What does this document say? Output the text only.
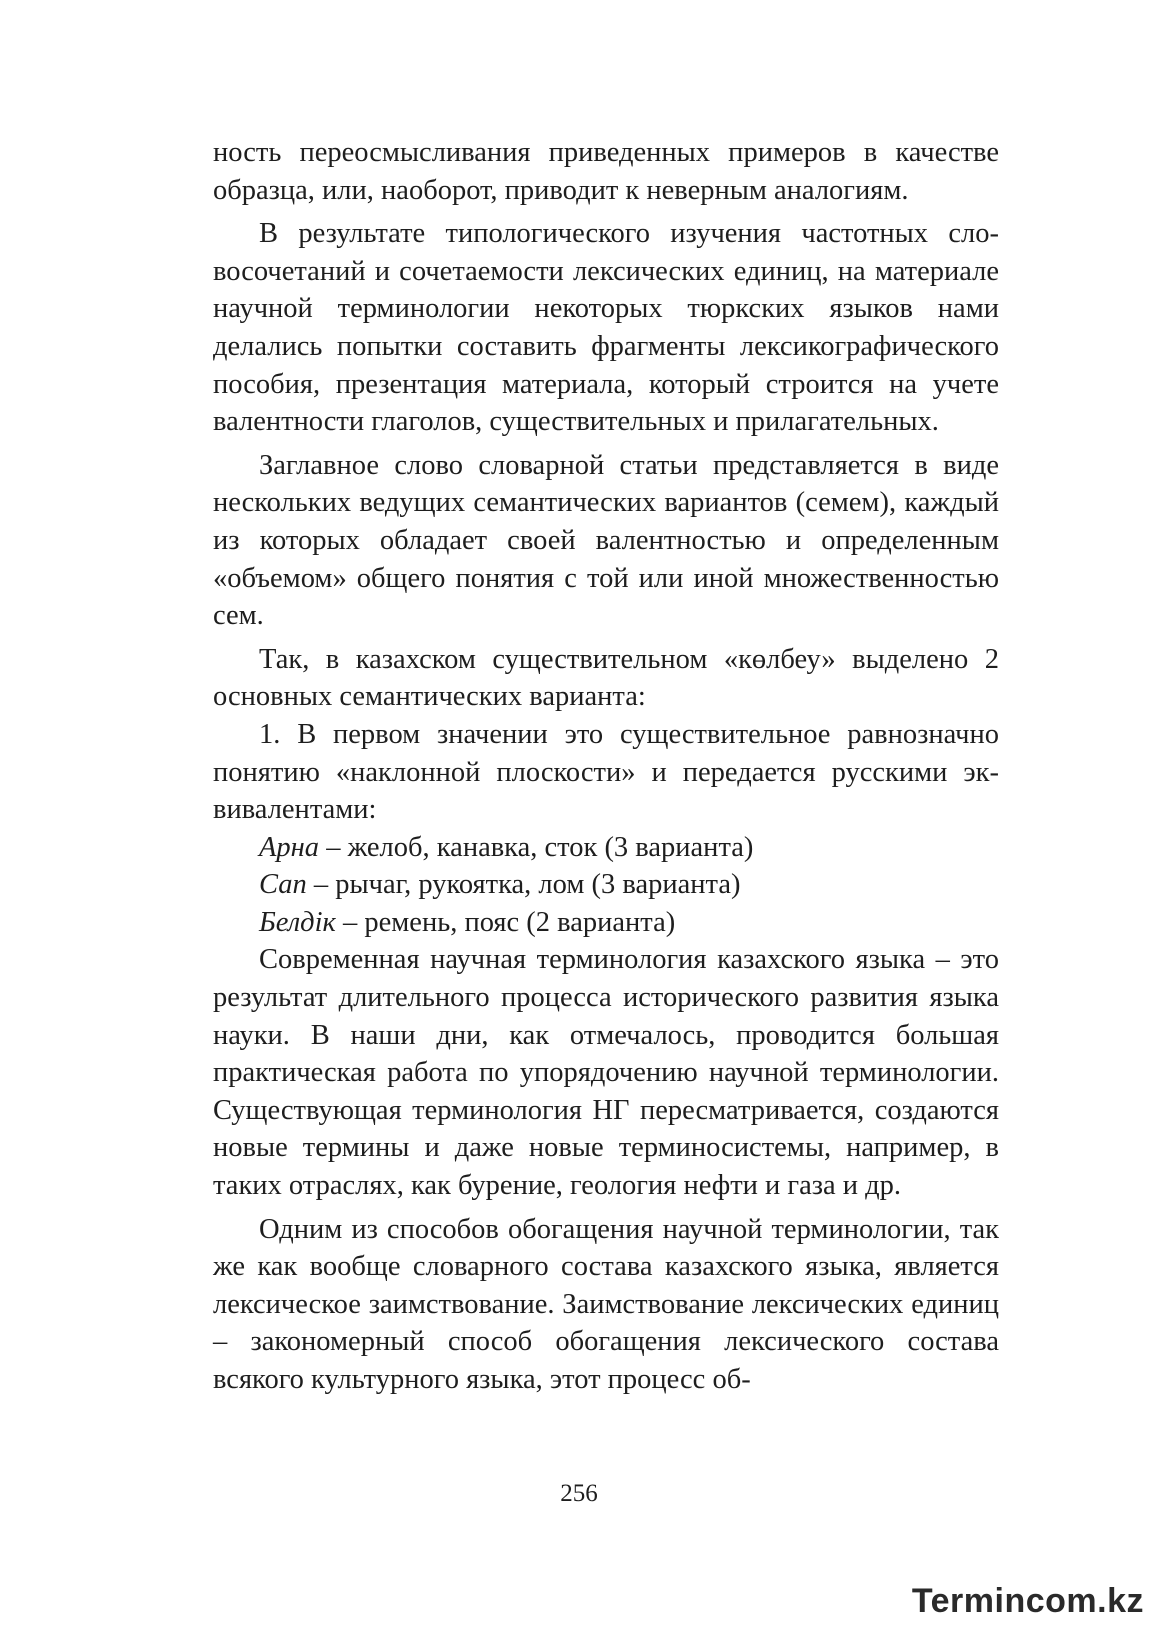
ность переосмысливания приведенных примеров в качестве образца, или, наоборот, приводит к неверным аналогиям.

В результате типологического изучения частотных словосочетаний и сочетаемости лексических единиц, на материале научной терминологии некоторых тюркских языков нами делались попытки составить фрагменты лексикографического пособия, презентация материала, который строится на учете валентности глаголов, существительных и прилагательных.

Заглавное слово словарной статьи представляется в виде нескольких ведущих семантических вариантов (семем), каждый из которых обладает своей валентностью и определенным «объемом» общего понятия с той или иной множественностью сем.

Так, в казахском существительном «көлбеу» выделено 2 основных семантических варианта:

1. В первом значении это существительное равнозначно понятию «наклонной плоскости» и передается русскими эквивалентами:

Арна – желоб, канавка, сток (3 варианта)

Сап – рычаг, рукоятка, лом (3 варианта)

Белдік – ремень, пояс (2 варианта)

Современная научная терминология казахского языка – это результат длительного процесса исторического развития языка науки. В наши дни, как отмечалось, проводится большая практическая работа по упорядочению научной терминологии. Существующая терминология НГ пересматривается, создаются новые термины и даже новые терминосистемы, например, в таких отраслях, как бурение, геология нефти и газа и др.

Одним из способов обогащения научной терминологии, так же как вообще словарного состава казахского языка, является лексическое заимствование. Заимствование лексических единиц – закономерный способ обогащения лексического состава всякого культурного языка, этот процесс об-

256
Termincom.kz
